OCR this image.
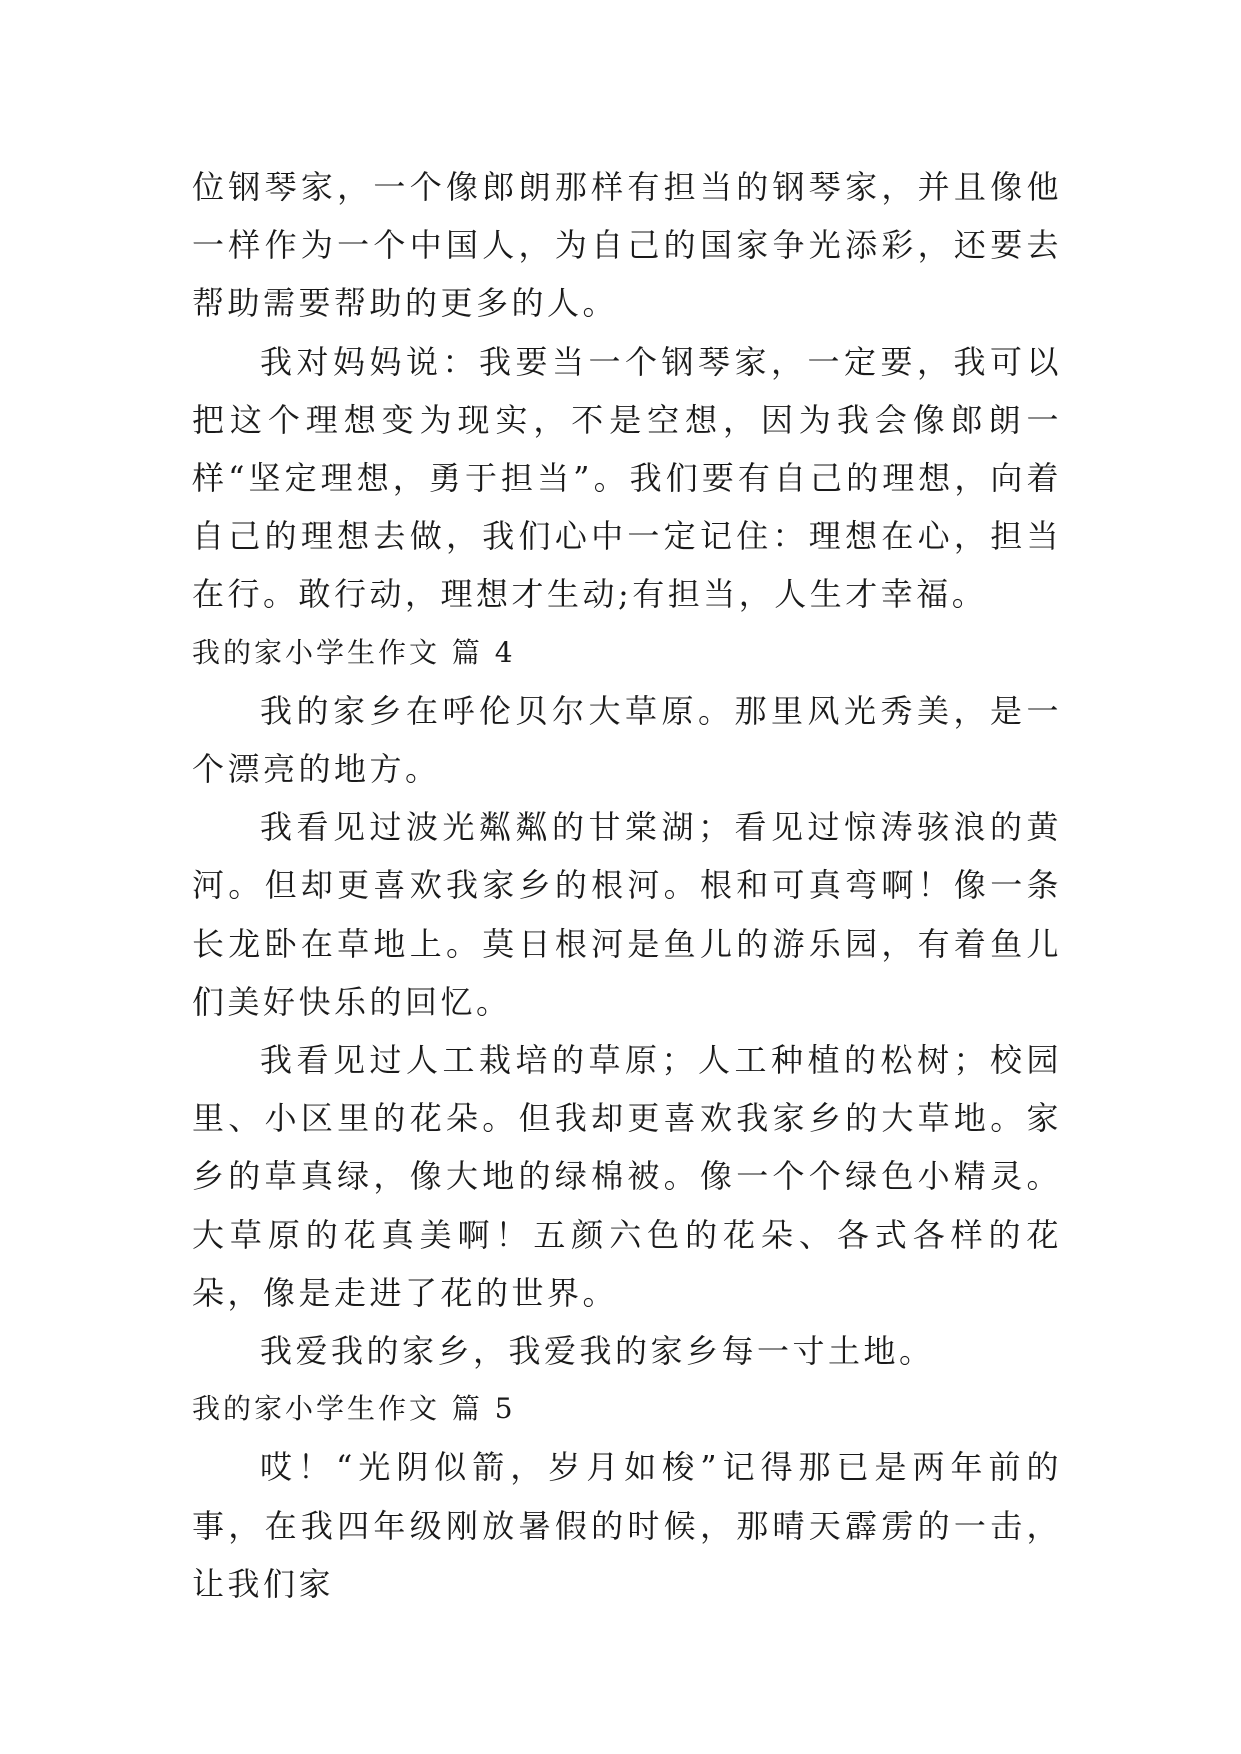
位钢琴家，一个像郎朗那样有担当的钢琴家，并且像他一样作为一个中国人，为自己的国家争光添彩，还要去帮助需要帮助的更多的人。

我对妈妈说：我要当一个钢琴家，一定要，我可以把这个理想变为现实，不是空想，因为我会像郎朗一样“坚定理想，勇于担当”。我们要有自己的理想，向着自己的理想去做，我们心中一定记住：理想在心，担当在行。敢行动，理想才生动;有担当，人生才幸福。

我的家小学生作文 篇 4

我的家乡在呼伦贝尔大草原。那里风光秀美，是一个漂亮的地方。

我看见过波光粼粼的甘棠湖；看见过惊涛骇浪的黄河。但却更喜欢我家乡的根河。根和可真弯啊！像一条长龙卧在草地上。莫日根河是鱼儿的游乐园，有着鱼儿们美好快乐的回忆。

我看见过人工栽培的草原；人工种植的松树；校园里、小区里的花朵。但我却更喜欢我家乡的大草地。家乡的草真绿，像大地的绿棉被。像一个个绿色小精灵。大草原的花真美啊！五颜六色的花朵、各式各样的花朵，像是走进了花的世界。

我爱我的家乡，我爱我的家乡每一寸土地。

我的家小学生作文 篇 5

哎！“光阴似箭，岁月如梭”记得那已是两年前的事，在我四年级刚放暑假的时候，那晴天霹雳的一击，让我们家
